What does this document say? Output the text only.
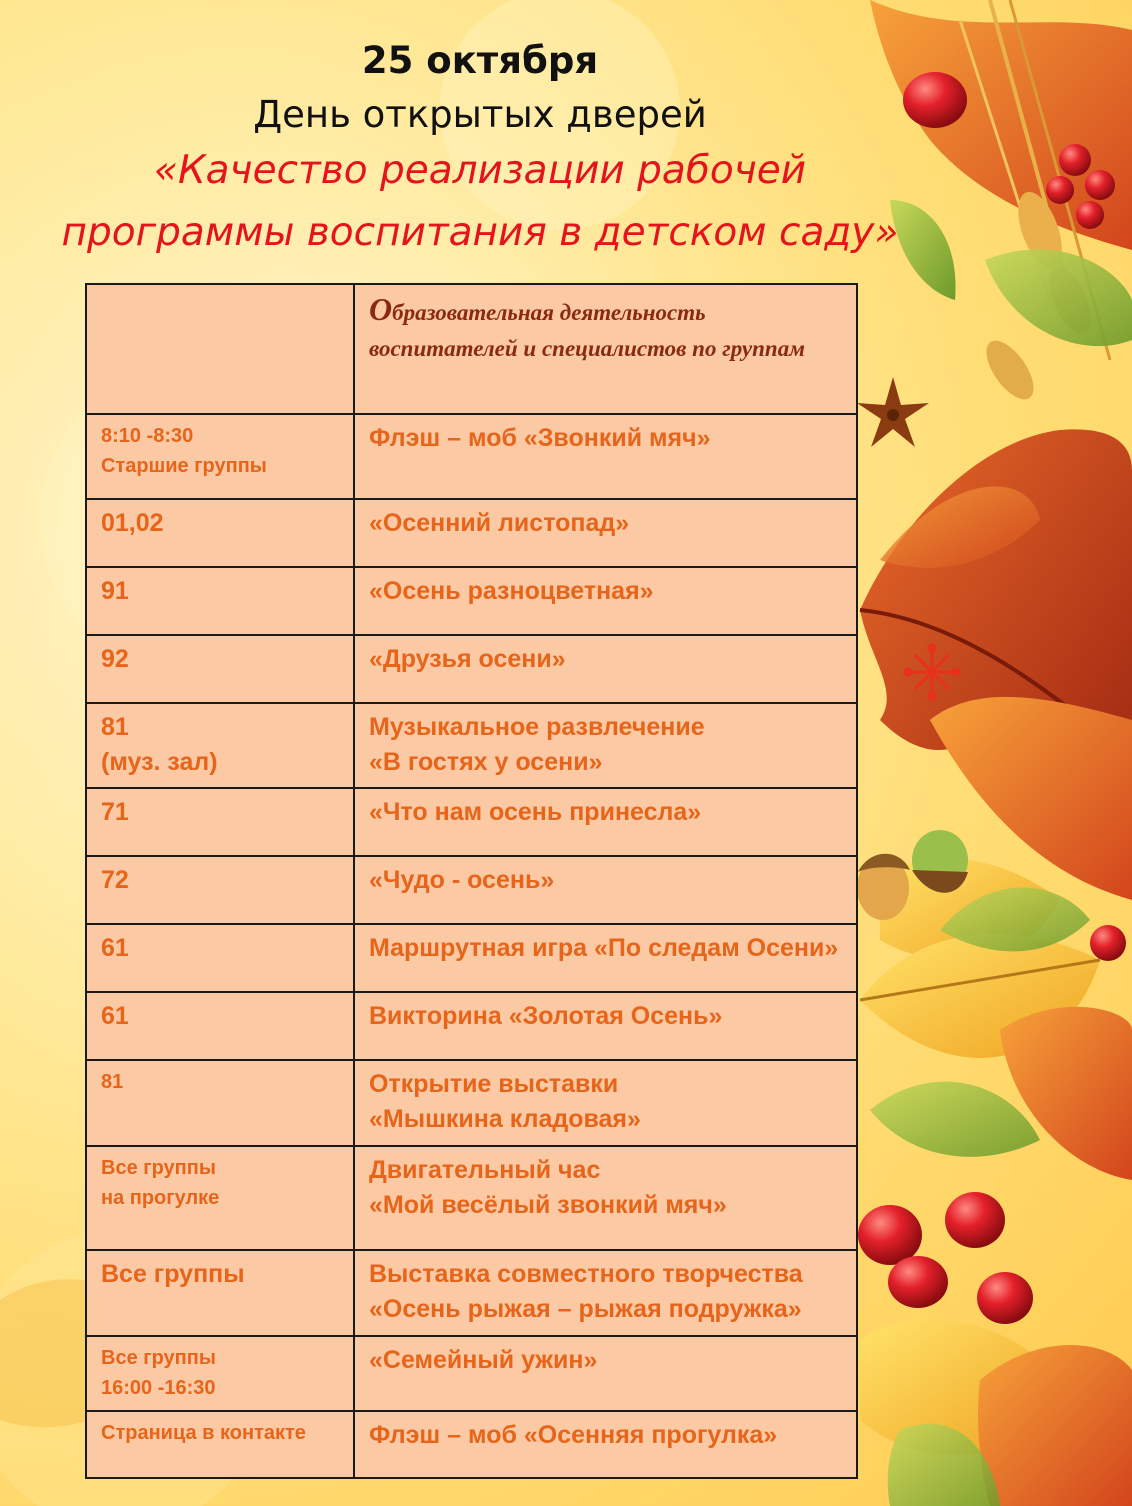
25 октября
День открытых дверей
«Качество реализации рабочей
программы воспитания в детском саду»

	Образовательная деятельность воспитателей и специалистов по группам

8:10 -8:30
Старшие группы	Флэш – моб «Звонкий мяч»

01,02	«Осенний листопад»

91	«Осень разноцветная»

92	«Друзья осени»

81
(муз. зал)	Музыкальное развлечение
«В гостях у осени»

71	«Что нам осень принесла»

72	«Чудо - осень»

61	Маршрутная игра «По следам Осени»

61	Викторина «Золотая Осень»

81	Открытие выставки
«Мышкина кладовая»

Все группы
на прогулке	Двигательный час
«Мой весёлый звонкий мяч»

Все группы	Выставка совместного творчества
«Осень рыжая – рыжая подружка»

Все группы
16:00 -16:30	«Семейный ужин»

Страница в контакте	Флэш – моб «Осенняя прогулка»
